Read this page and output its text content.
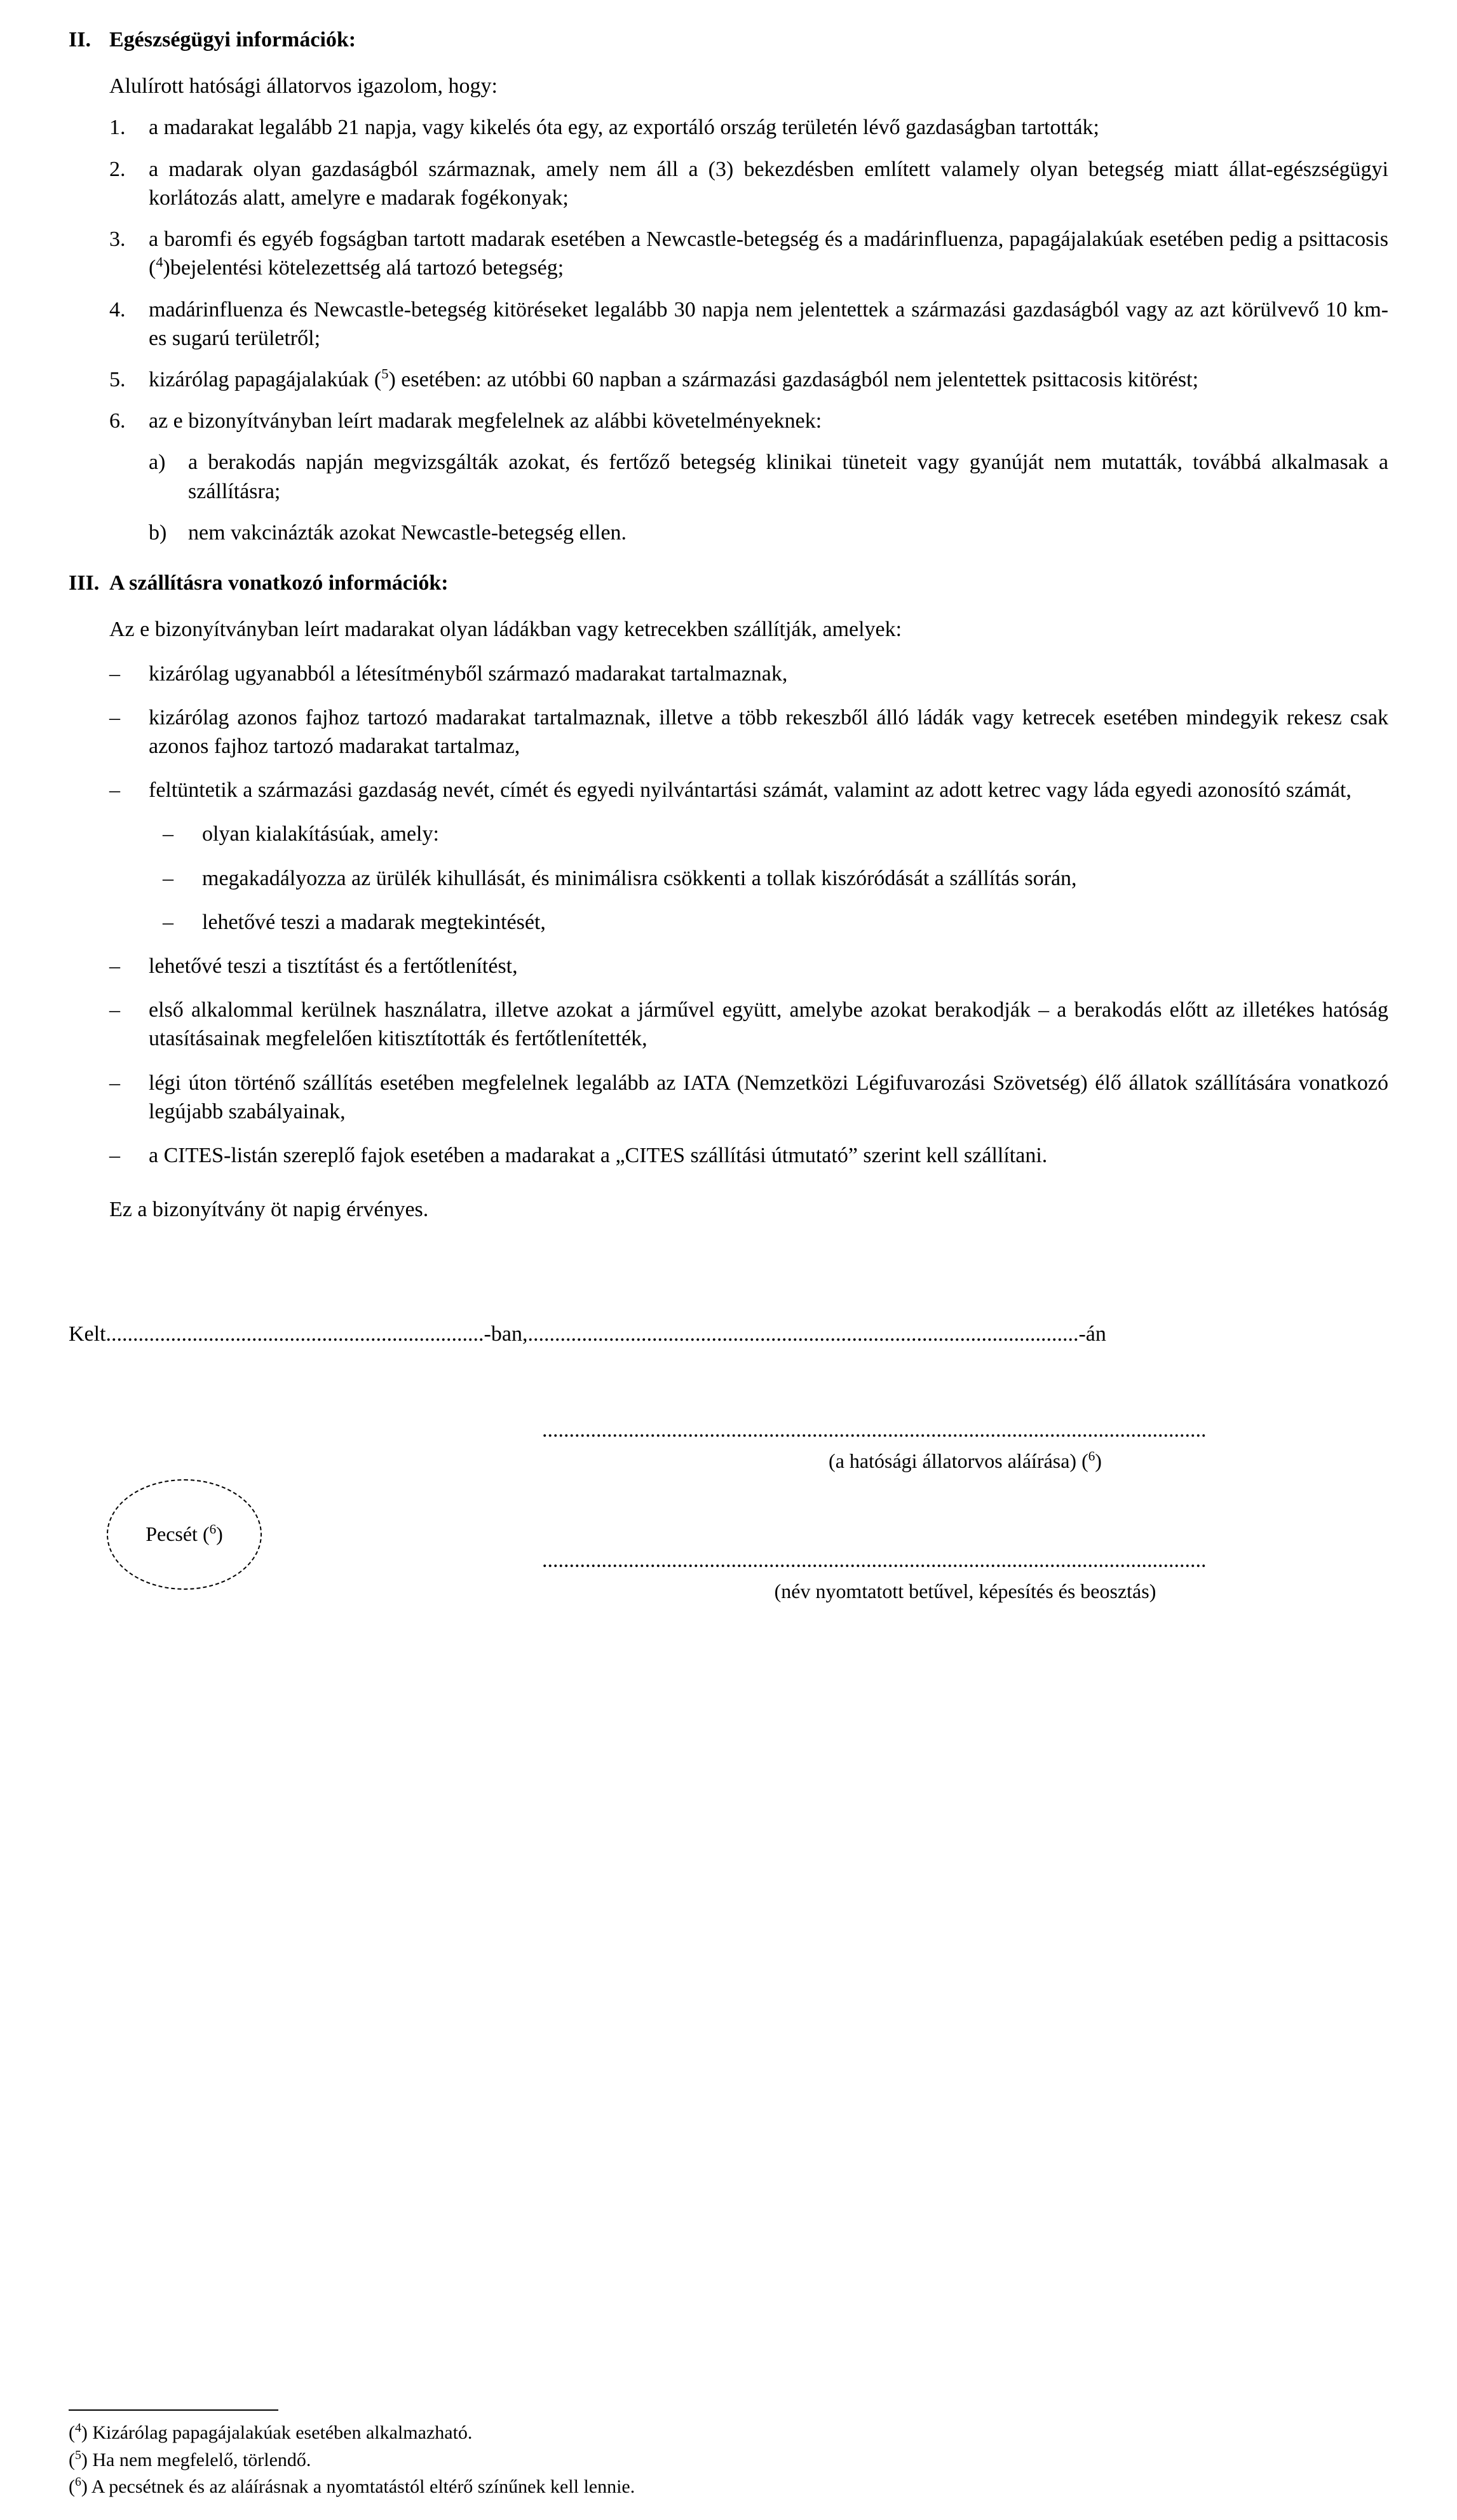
II. Egészségügyi információk:
Alulírott hatósági állatorvos igazolom, hogy:
1.	a madarakat legalább 21 napja, vagy kikelés óta egy, az exportáló ország területén lévő gazdaságban tartották;
2.	a madarak olyan gazdaságból származnak, amely nem áll a (3) bekezdésben említett valamely olyan betegség miatt állat-egészségügyi korlátozás alatt, amelyre e madarak fogékonyak;
3.	a baromfi és egyéb fogságban tartott madarak esetében a Newcastle-betegség és a madárinfluenza, papagájalakúak esetében pedig a psittacosis ($^4$)bejelentési kötelezettség alá tartozó betegség;
4.	madárinfluenza és Newcastle-betegség kitöréseket legalább 30 napja nem jelentettek a származási gazdaságból vagy az azt körülvevő 10 km-es sugarú területről;
5.	kizárólag papagájalakúak ($^5$) esetében: az utóbbi 60 napban a származási gazdaságból nem jelentettek psittacosis kitörést;
6.	az e bizonyítványban leírt madarak megfelelnek az alábbi követelményeknek:
a)	a berakodás napján megvizsgálták azokat, és fertőző betegség klinikai tüneteit vagy gyanúját nem mutatták, továbbá alkalmasak a szállításra;
b) nem vakcinázták azokat Newcastle-betegség ellen.
III. A szállításra vonatkozó információk:
Az e bizonyítványban leírt madarakat olyan ládákban vagy ketrecekben szállítják, amelyek:
–	kizárólag ugyanabból a létesítményből származó madarakat tartalmaznak,
–	kizárólag azonos fajhoz tartozó madarakat tartalmaznak, illetve a több rekeszből álló ládák vagy ketrecek esetében mindegyik rekesz csak azonos fajhoz tartozó madarakat tartalmaz,
–	feltüntetik a származási gazdaság nevét, címét és egyedi nyilvántartási számát, valamint az adott ketrec vagy láda egyedi azonosító számát,
–	olyan kialakításúak, amely:
–	megakadályozza az ürülék kihullását, és minimálisra csökkenti a tollak kiszóródását a szállítás során,
–	lehetővé teszi a madarak megtekintését,
–	lehetővé teszi a tisztítást és a fertőtlenítést,
–	első alkalommal kerülnek használatra, illetve azokat a járművel együtt, amelybe azokat berakodják – a berakodás előtt az illetékes hatóság utasításainak megfelelően kitisztították és fertőtlenítették,
–	légi úton történő szállítás esetében megfelelnek legalább az IATA (Nemzetközi Légifuvarozási Szövetség) élő állatok szállítására vonatkozó legújabb szabályainak,
–	a CITES-listán szereplő fajok esetében a madarakat a „CITES szállítási útmutató” szerint kell szállítani.
Ez a bizonyítvány öt napig érvényes.
Kelt......................................................................-ban,......................................................................................................-án
Pecsét ($^6$)
...........................................................................................................................
(a hatósági állatorvos aláírása) ($^6$)
...........................................................................................................................
(név nyomtatott betűvel, képesítés és beosztás)
($^4$) Kizárólag papagájalakúak esetében alkalmazható.
($^5$) Ha nem megfelelő, törlendő.
($^6$) A pecsétnek és az aláírásnak a nyomtatástól eltérő színűnek kell lennie.
